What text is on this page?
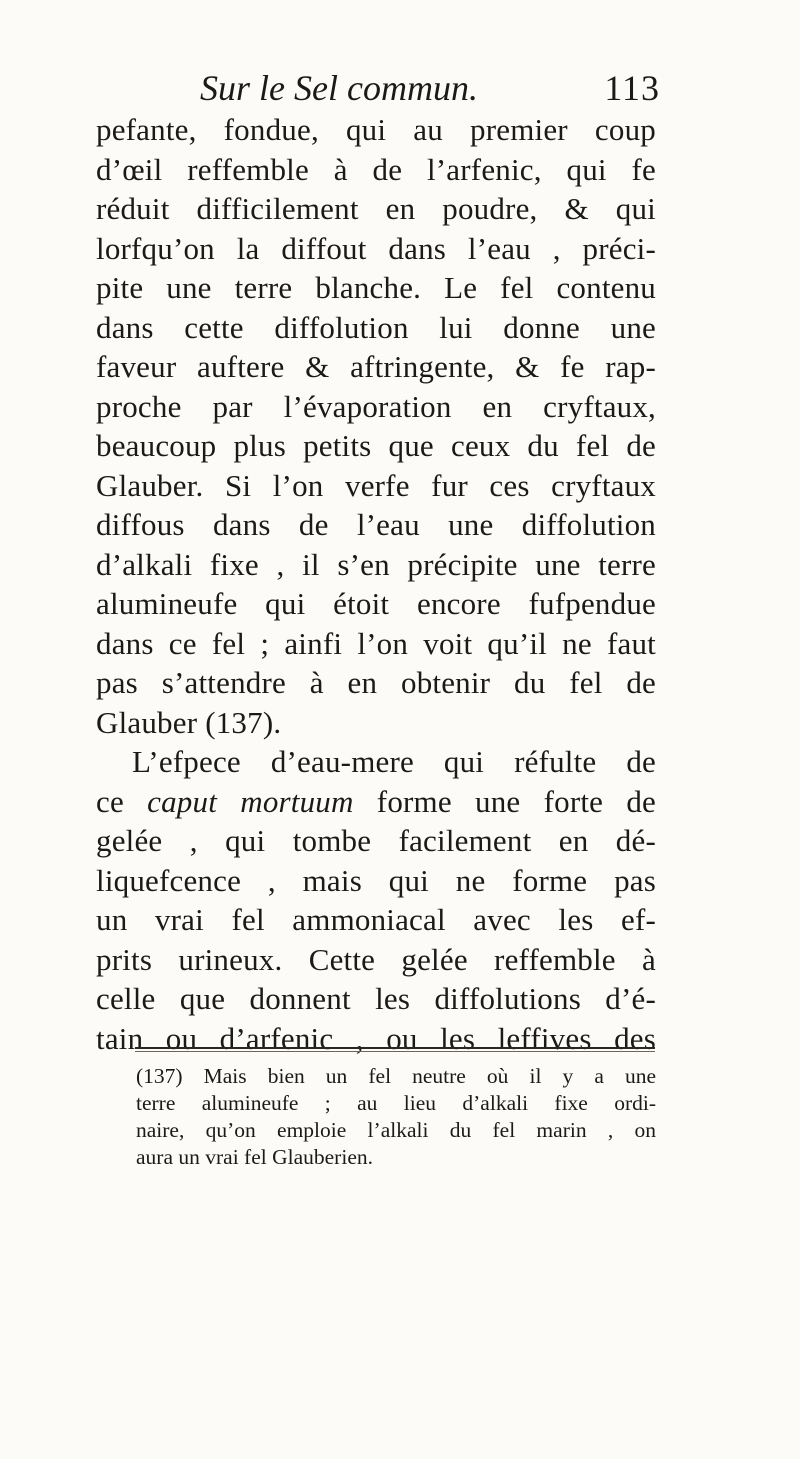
Sur le Sel commun.	113
pefante, fondue, qui au premier coup
d’œil reffemble à de l’arfenic, qui fe
réduit difficilement en poudre, & qui
lorfqu’on la diffout dans l’eau , préci-
pite une terre blanche. Le fel contenu
dans cette diffolution lui donne une
faveur auftere & aftringente, & fe rap-
proche par l’évaporation en cryftaux,
beaucoup plus petits que ceux du fel de
Glauber. Si l’on verfe fur ces cryftaux
diffous dans de l’eau une diffolution
d’alkali fixe , il s’en précipite une terre
alumineufe qui étoit encore fufpendue
dans ce fel ; ainfi l’on voit qu’il ne faut
pas s’attendre à en obtenir du fel de
Glauber (137).
L’efpece d’eau-mere qui réfulte de
ce caput mortuum forme une forte de
gelée , qui tombe facilement en dé-
liquefcence , mais qui ne forme pas
un vrai fel ammoniacal avec les ef-
prits urineux. Cette gelée reffemble à
celle que donnent les diffolutions d’é-
tain ou d’arfenic , ou les leffives des
(137) Mais bien un fel neutre où il y a une
terre alumineufe ; au lieu d’alkali fixe ordi-
naire, qu’on emploie l’alkali du fel marin , on
aura un vrai fel Glauberien.
